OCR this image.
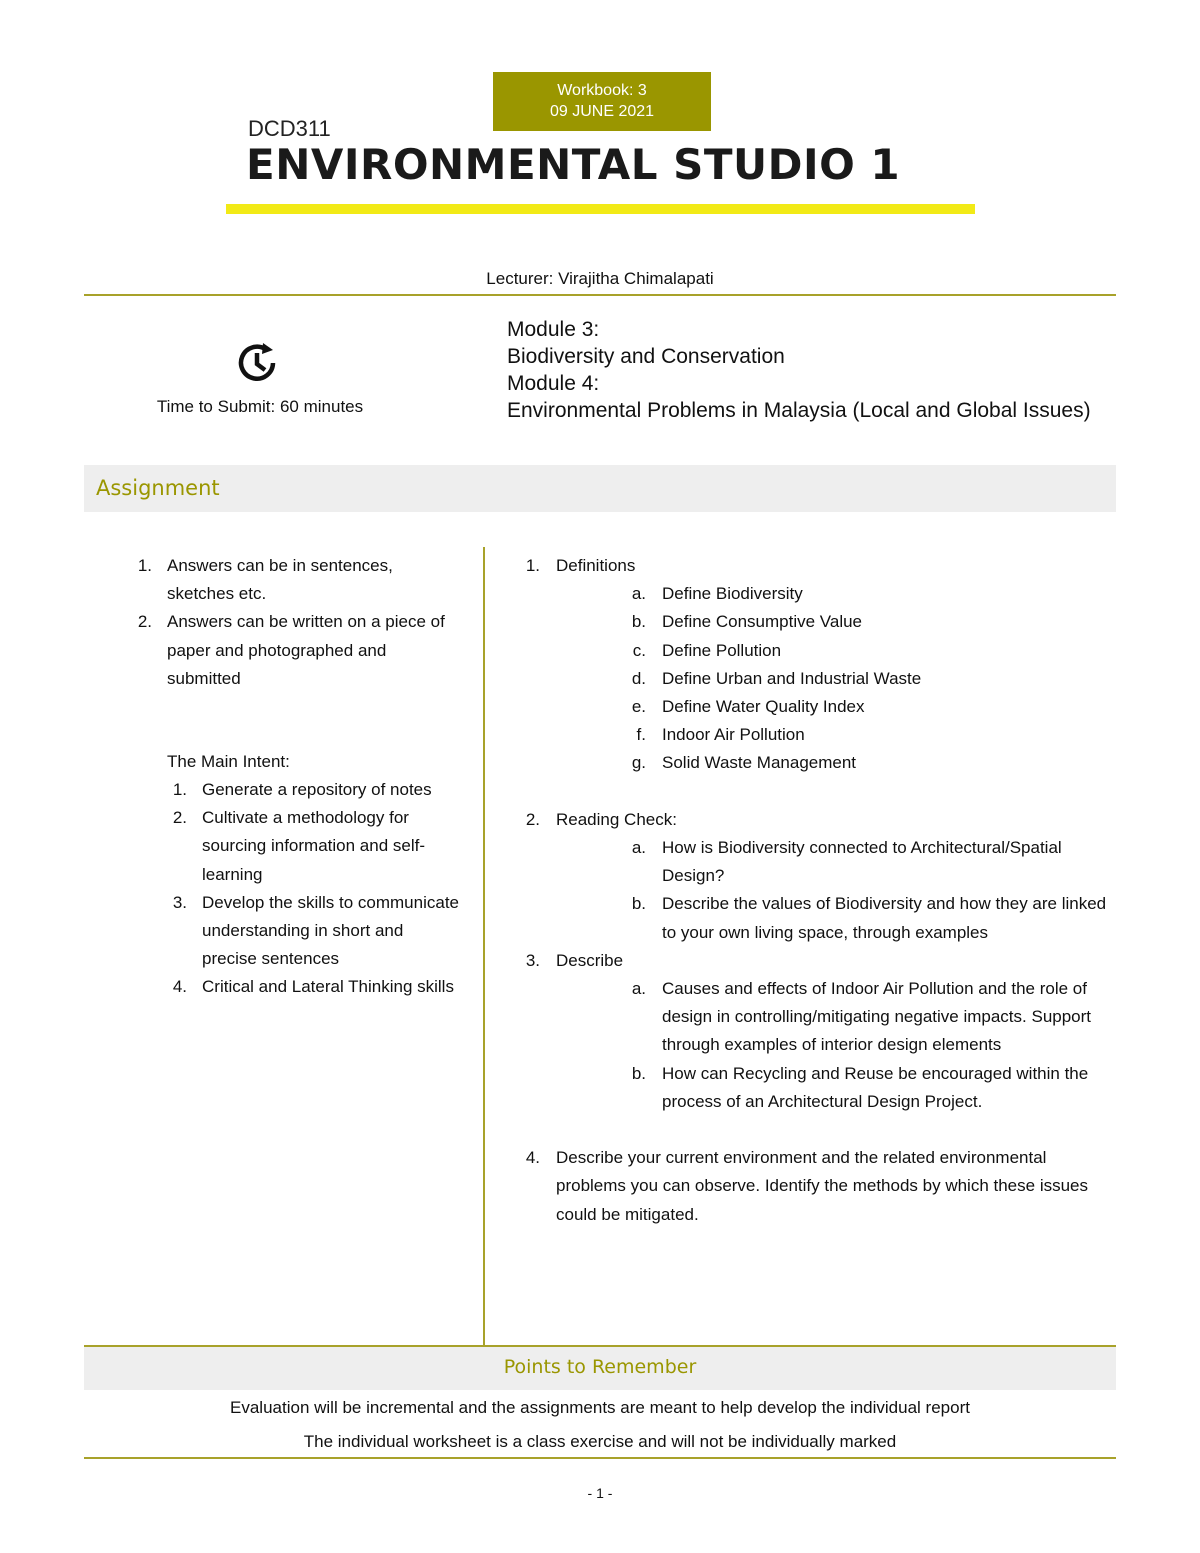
Workbook: 3
09 JUNE 2021
DCD311
ENVIRONMENTAL STUDIO 1
Lecturer: Virajitha Chimalapati
Time to Submit: 60 minutes
Module 3:
Biodiversity and Conservation
Module 4:
Environmental Problems in Malaysia (Local and Global Issues)
Assignment
1. Answers can be in sentences, sketches etc.
2. Answers can be written on a piece of paper and photographed and submitted
The Main Intent:
1. Generate a repository of notes
2. Cultivate a methodology for sourcing information and self-learning
3. Develop the skills to communicate understanding in short and precise sentences
4. Critical and Lateral Thinking skills
1. Definitions
a. Define Biodiversity
b. Define Consumptive Value
c. Define Pollution
d. Define Urban and Industrial Waste
e. Define Water Quality Index
f. Indoor Air Pollution
g. Solid Waste Management
2. Reading Check:
a. How is Biodiversity connected to Architectural/Spatial Design?
b. Describe the values of Biodiversity and how they are linked to your own living space, through examples
3. Describe
a. Causes and effects of Indoor Air Pollution and the role of design in controlling/mitigating negative impacts. Support through examples of interior design elements
b. How can Recycling and Reuse be encouraged within the process of an Architectural Design Project.
4. Describe your current environment and the related environmental problems you can observe. Identify the methods by which these issues could be mitigated.
Points to Remember
Evaluation will be incremental and the assignments are meant to help develop the individual report
The individual worksheet is a class exercise and will not be individually marked
- 1 -
